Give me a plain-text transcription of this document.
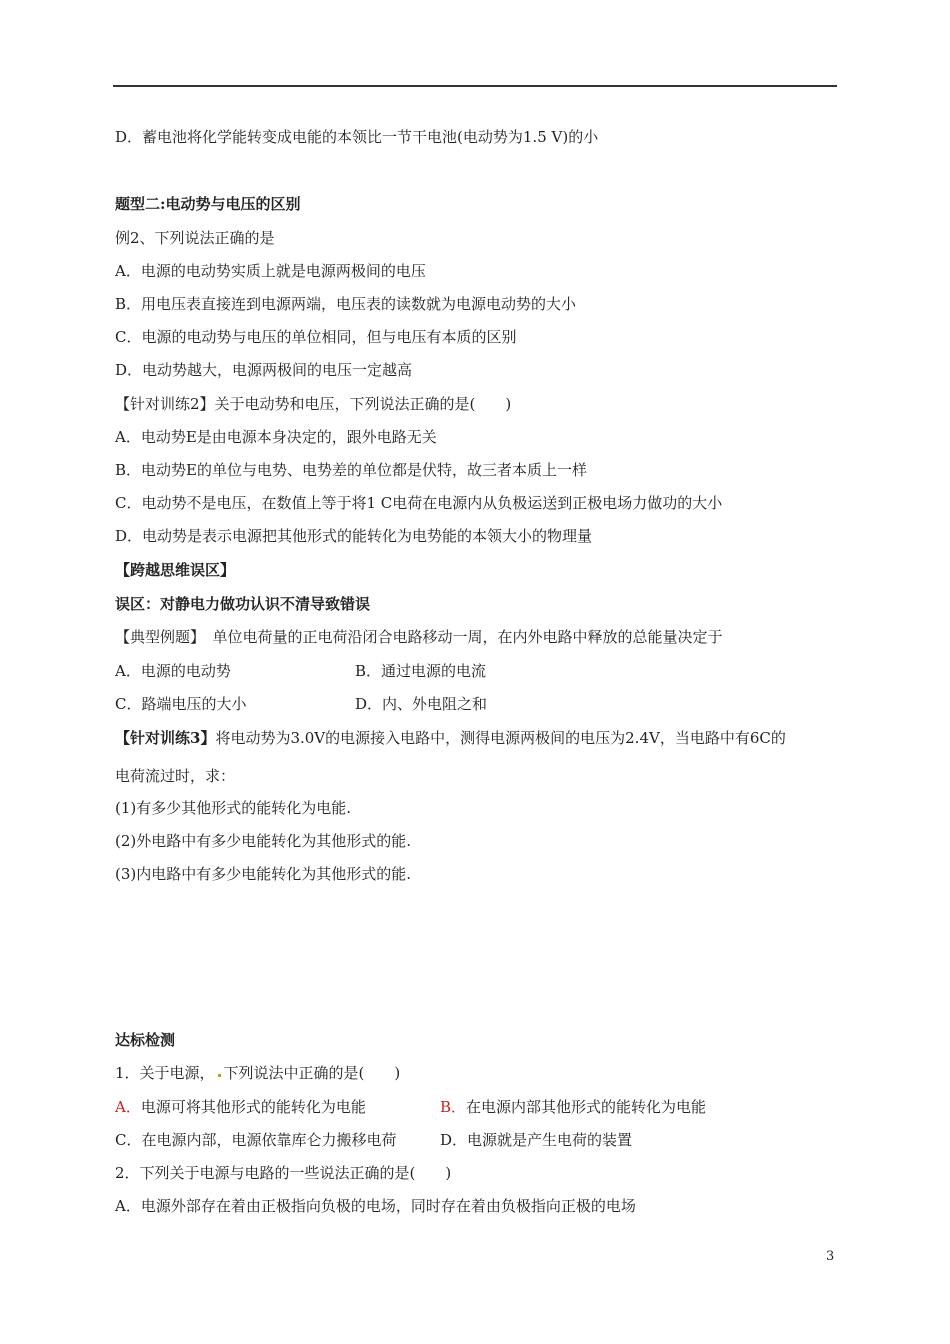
D．蓄电池将化学能转变成电能的本领比一节干电池(电动势为1.5 V)的小
题型二:电动势与电压的区别
例2、下列说法正确的是
A．电源的电动势实质上就是电源两极间的电压
B．用电压表直接连到电源两端，电压表的读数就为电源电动势的大小
C．电源的电动势与电压的单位相同，但与电压有本质的区别
D．电动势越大，电源两极间的电压一定越高
【针对训练2】关于电动势和电压，下列说法正确的是(　　)
A．电动势E是由电源本身决定的，跟外电路无关
B．电动势E的单位与电势、电势差的单位都是伏特，故三者本质上一样
C．电动势不是电压，在数值上等于将1 C电荷在电源内从负极运送到正极电场力做功的大小
D．电动势是表示电源把其他形式的能转化为电势能的本领大小的物理量
【跨越思维误区】
误区：对静电力做功认识不清导致错误
【典型例题】　单位电荷量的正电荷沿闭合电路移动一周，在内外电路中释放的总能量决定于
A．电源的电动势	B．通过电源的电流
C．路端电压的大小	D．内、外电阻之和
【针对训练3】将电动势为3.0V的电源接入电路中，测得电源两极间的电压为2.4V，当电路中有6C的
电荷流过时，求：
(1)有多少其他形式的能转化为电能.
(2)外电路中有多少电能转化为其他形式的能.
(3)内电路中有多少电能转化为其他形式的能.
达标检测
1．关于电源， 下列说法中正确的是(　　)
A．电源可将其他形式的能转化为电能	B．在电源内部其他形式的能转化为电能
C．在电源内部，电源依靠库仑力搬移电荷	D．电源就是产生电荷的装置
2．下列关于电源与电路的一些说法正确的是(　　)
A．电源外部存在着由正极指向负极的电场，同时存在着由负极指向正极的电场
3
